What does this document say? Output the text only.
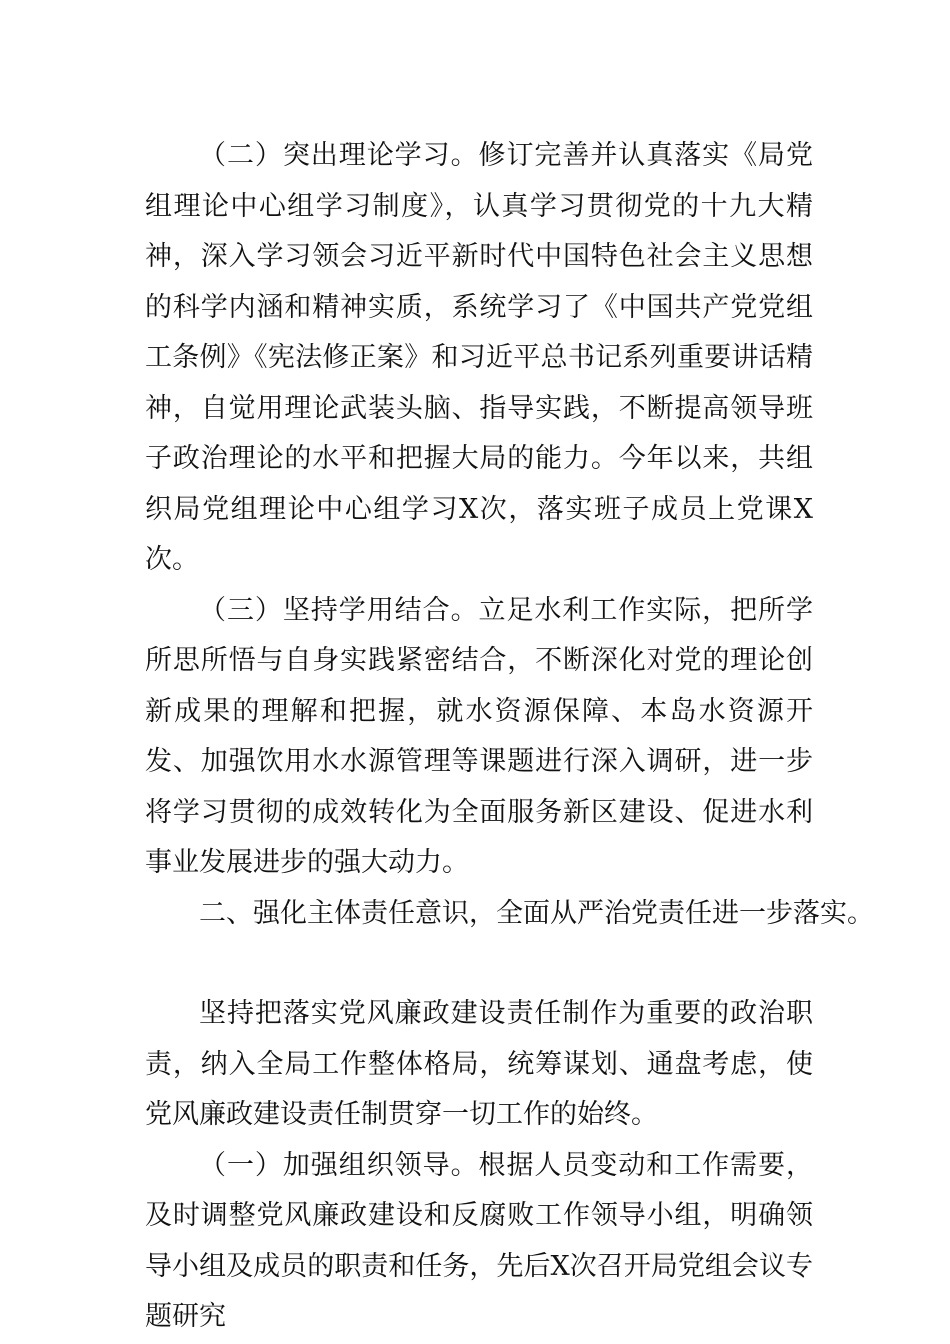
（二）突出理论学习。修订完善并认真落实《局党组理论中心组学习制度》，认真学习贯彻党的十九大精神，深入学习领会习近平新时代中国特色社会主义思想的科学内涵和精神实质，系统学习了《中国共产党党组工条例》《宪法修正案》和习近平总书记系列重要讲话精神，自觉用理论武装头脑、指导实践，不断提高领导班子政治理论的水平和把握大局的能力。今年以来，共组织局党组理论中心组学习X次，落实班子成员上党课X次。

（三）坚持学用结合。立足水利工作实际，把所学所思所悟与自身实践紧密结合，不断深化对党的理论创新成果的理解和把握，就水资源保障、本岛水资源开发、加强饮用水水源管理等课题进行深入调研，进一步将学习贯彻的成效转化为全面服务新区建设、促进水利事业发展进步的强大动力。

二、强化主体责任意识，全面从严治党责任进一步落实。

坚持把落实党风廉政建设责任制作为重要的政治职责，纳入全局工作整体格局，统筹谋划、通盘考虑，使党风廉政建设责任制贯穿一切工作的始终。

（一）加强组织领导。根据人员变动和工作需要，及时调整党风廉政建设和反腐败工作领导小组，明确领导小组及成员的职责和任务，先后X次召开局党组会议专题研究
